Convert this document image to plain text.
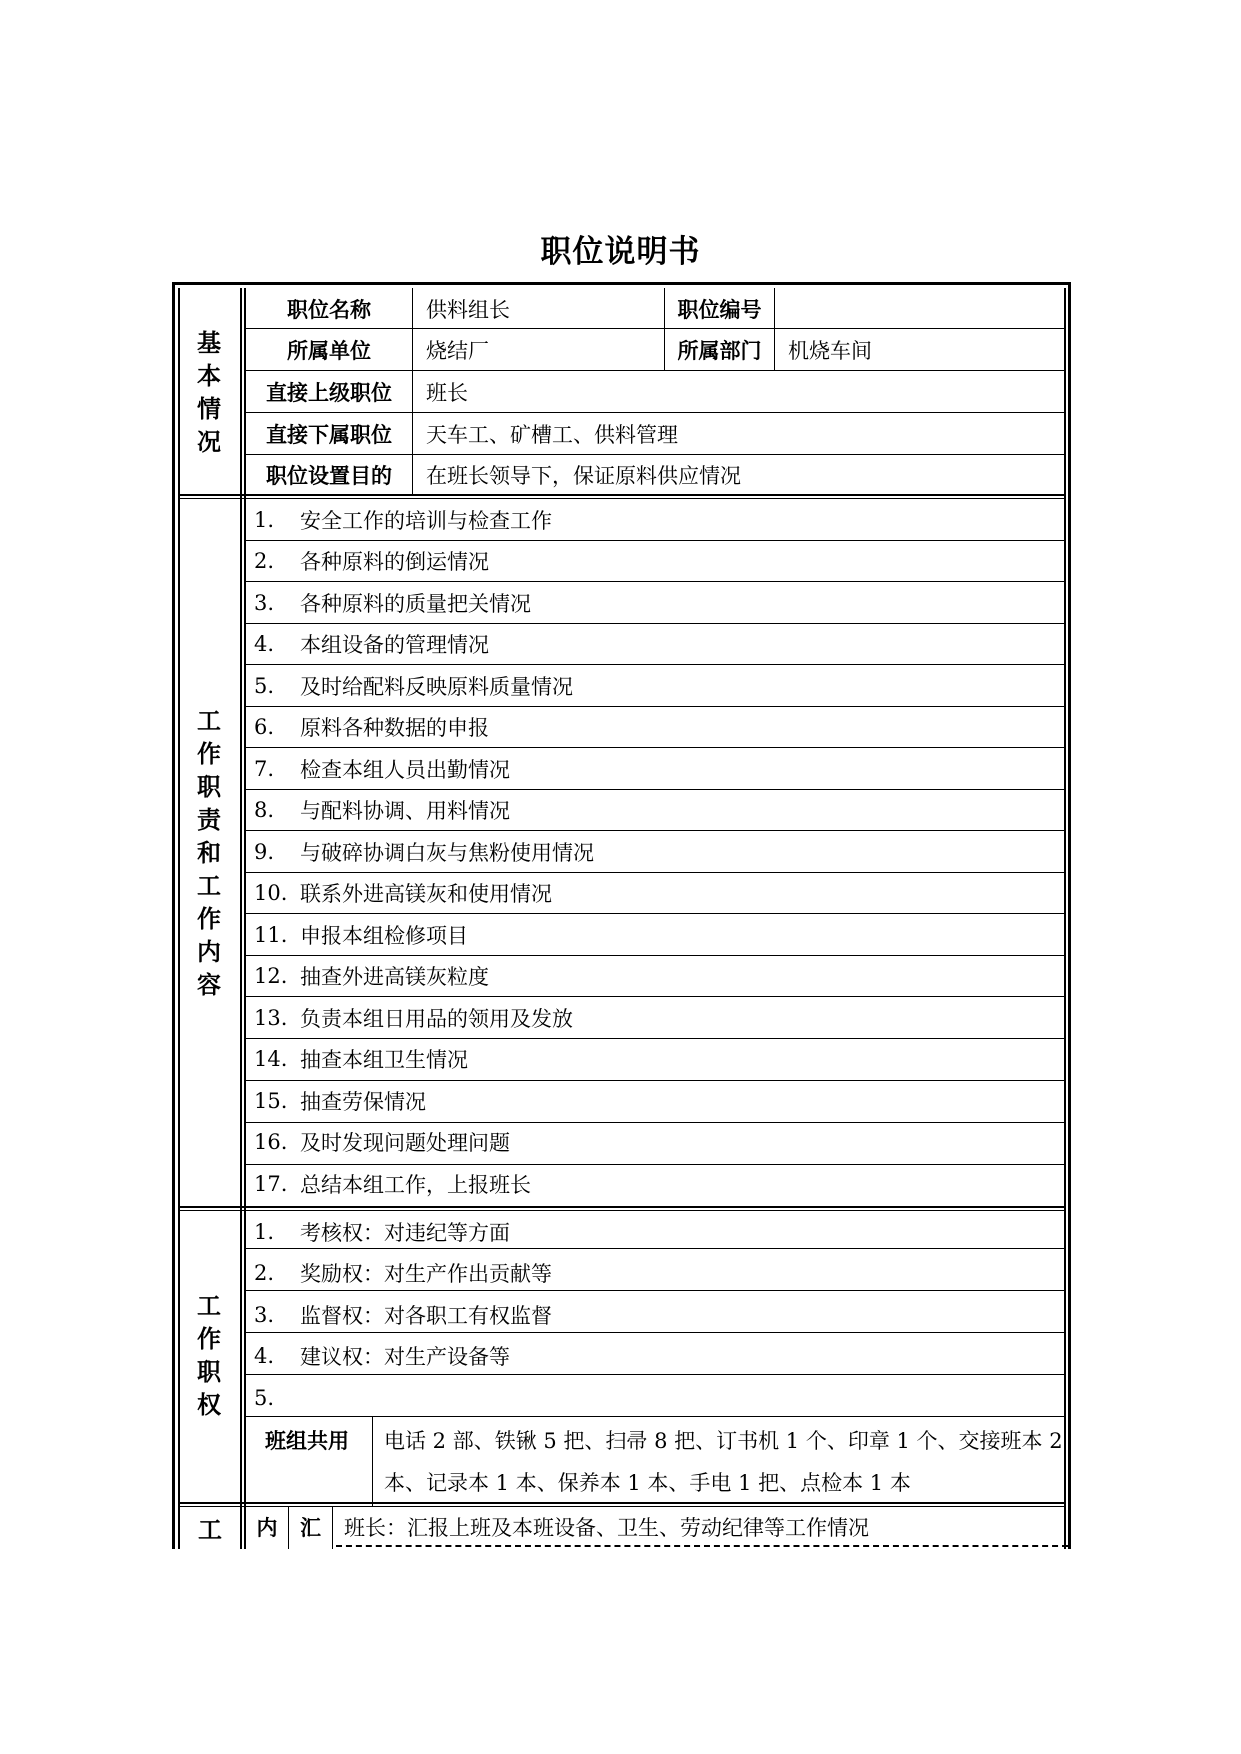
职位说明书
基本情况
职位名称	供料组长	职位编号
所属单位	烧结厂	所属部门	机烧车间
直接上级职位	班长
直接下属职位	天车工、矿槽工、供料管理
职位设置目的	在班长领导下，保证原料供应情况
工作职责和工作内容
1.	安全工作的培训与检查工作
2.	各种原料的倒运情况
3.	各种原料的质量把关情况
4.	本组设备的管理情况
5.	及时给配料反映原料质量情况
6.	原料各种数据的申报
7.	检查本组人员出勤情况
8.	与配料协调、用料情况
9.	与破碎协调白灰与焦粉使用情况
10. 联系外进高镁灰和使用情况
11. 申报本组检修项目
12. 抽查外进高镁灰粒度
13. 负责本组日用品的领用及发放
14. 抽查本组卫生情况
15. 抽查劳保情况
16. 及时发现问题处理问题
17. 总结本组工作，上报班长
工作职权
1.	考核权：对违纪等方面
2.	奖励权：对生产作出贡献等
3.	监督权：对各职工有权监督
4.	建议权：对生产设备等
5.
班组共用	电话 2 部、铁锹 5 把、扫帚 8 把、订书机 1 个、印章 1 个、交接班本 2
本、记录本 1 本、保养本 1 本、手电 1 把、点检本 1 本
工	内	汇	班长：汇报上班及本班设备、卫生、劳动纪律等工作情况
